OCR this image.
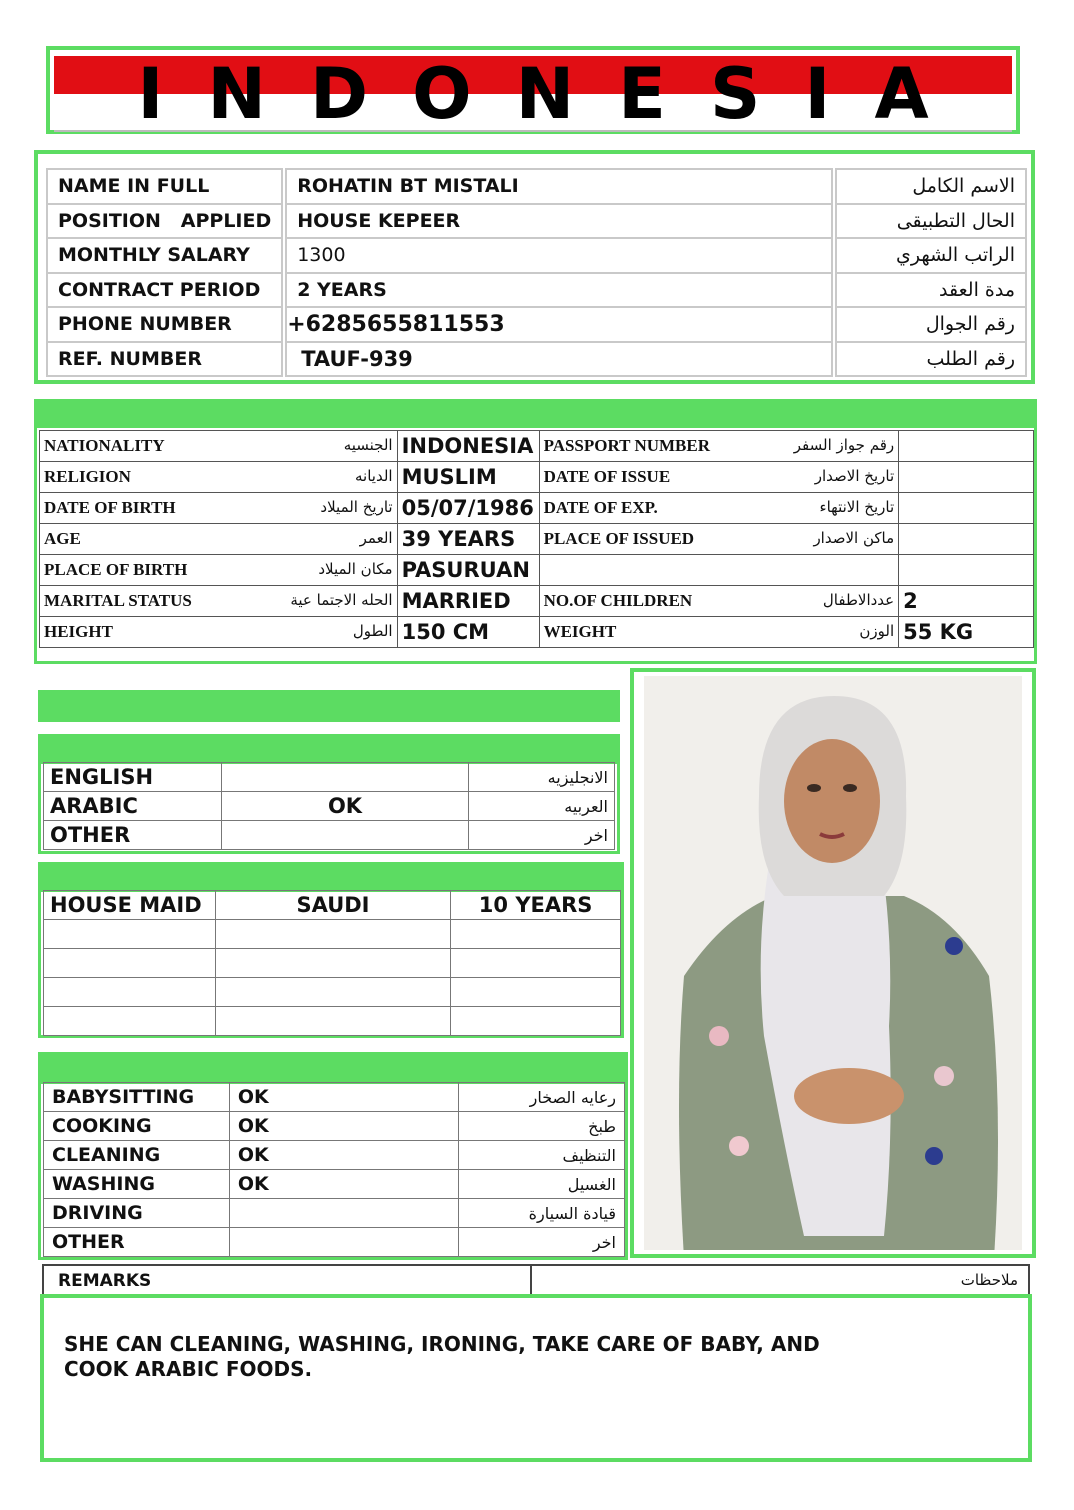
INDONESIA
NAME IN FULL		ROHATIN BT MISTALI		الاسم الكامل
POSITION   APPLIED		HOUSE KEPEER		الحال التطبيقى
MONTHLY SALARY		1300		الراتب الشهري
CONTRACT PERIOD		2 YEARS		مدة العقد
PHONE NUMBER		+6285655811553		رقم الجوال
REF. NUMBER		TAUF-939		رقم الطلب
NATIONALITY الجنسيه	INDONESIA	PASSPORT NUMBER رقم جواز السفر	

RELIGION الديانه	MUSLIM	DATE OF ISSUE تاريخ الاصدار	

DATE OF BIRTH تاريخ الميلاد	05/07/1986	DATE OF EXP. تاريخ الانتهاء	

AGE العمر	39 YEARS	PLACE OF ISSUED ماكن الاصدار	

PLACE OF BIRTH مكان الميلاد	PASURUAN	

MARITAL STATUS الحله الاجتما عية	MARRIED	NO.OF CHILDREN عددالاطفال	2
HEIGHT الطول	150 CM	WEIGHT الوزن	55 KG
ENGLISH		الانجليزيه
ARABIC	OK	العربيه
OTHER		اخر
HOUSE MAID	SAUDI	10 YEARS

BABYSITTING	OK	رعايه الصخار
COOKING	OK	طبخ
CLEANING	OK	التنظيف
WASHING	OK	الغسيل
DRIVING		قيادة السيارة
OTHER		اخر
REMARKS	ملاحظات
SHE CAN CLEANING, WASHING, IRONING, TAKE CARE OF BABY, AND
COOK ARABIC FOODS.
